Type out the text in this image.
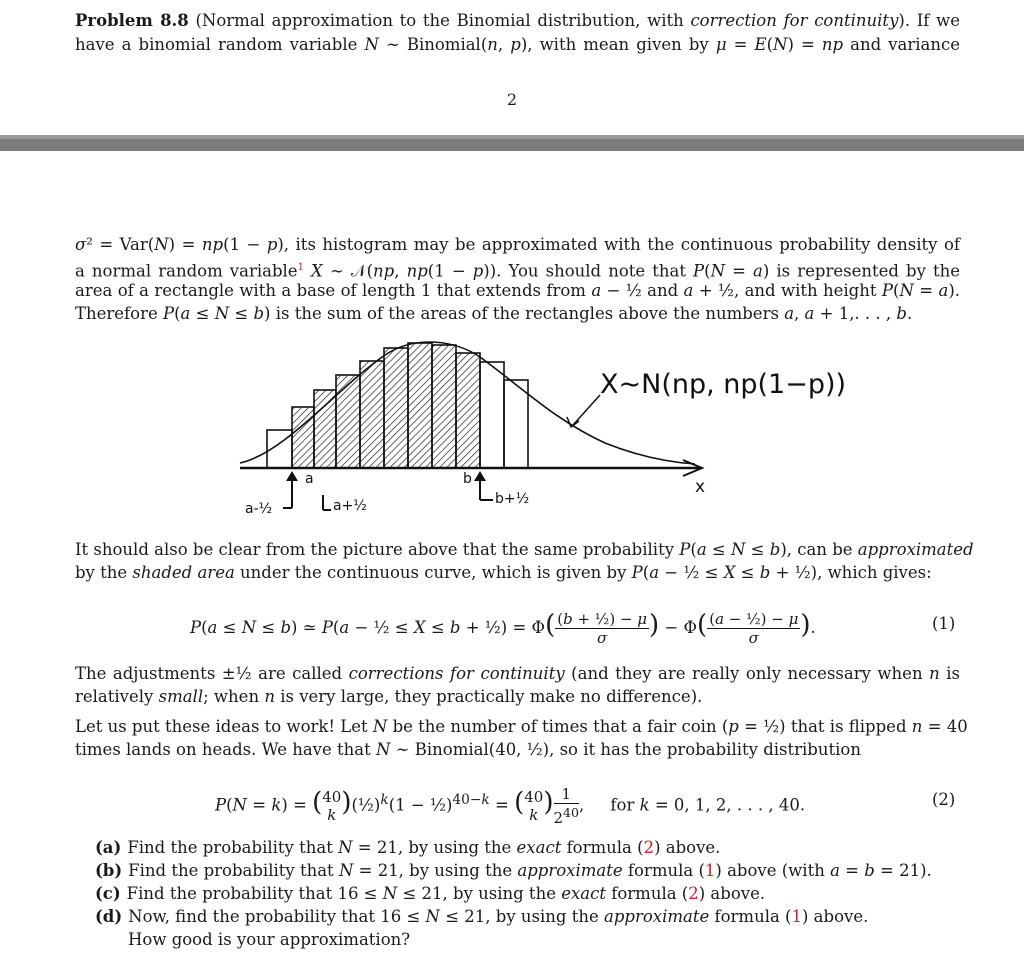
Problem 8.8 (Normal approximation to the Binomial distribution, with correction for continuity). If we
have a binomial random variable N ∼ Binomial(n, p), with mean given by μ = E(N) = np and variance
2
σ² = Var(N) = np(1 − p), its histogram may be approximated with the continuous probability density of
a normal random variable$^1$ X ∼ 𝒩(np, np(1 − p)). You should note that P(N = a) is represented by the
area of a rectangle with a base of length 1 that extends from a − ½ and a + ½, and with height P(N = a).
Therefore P(a ≤ N ≤ b) is the sum of the areas of the rectangles above the numbers a, a + 1,. . . , b.
X∼N(np, np(1−p))
x
a	b
a-½	a+½	b+½
It should also be clear from the picture above that the same probability P(a ≤ N ≤ b), can be approximated
by the shaded area under the continuous curve, which is given by P(a − ½ ≤ X ≤ b + ½), which gives:
P(a ≤ N ≤ b) ≃ P(a − ½ ≤ X ≤ b + ½) = $\Phi( \frac{\text{(b + ½) − μ}}{\sigma}$ ) − $\Phi( \frac{\text{(a − ½) − μ}}{\sigma}$ ).	(1)
The adjustments ±½ are called corrections for continuity (and they are really only necessary when n is
relatively small; when n is very large, they practically make no difference).
Let us put these ideas to work! Let N be the number of times that a fair coin (p = ½) that is flipped n = 40
times lands on heads. We have that N ∼ Binomial(40, ½), so it has the probability distribution
P(N = k) = ( 40
k )(½)$^k$(1 − ½)$^{40-k}$ = ( 40
k ) $\frac{1}{2^{40}}$ ,     for k = 0, 1, 2, . . . , 40.	(2)
(a) Find the probability that N = 21, by using the exact formula (2) above.
(b) Find the probability that N = 21, by using the approximate formula (1) above (with a = b = 21).
(c) Find the probability that 16 ≤ N ≤ 21, by using the exact formula (2) above.
(d) Now, find the probability that 16 ≤ N ≤ 21, by using the approximate formula (1) above.
How good is your approximation?
